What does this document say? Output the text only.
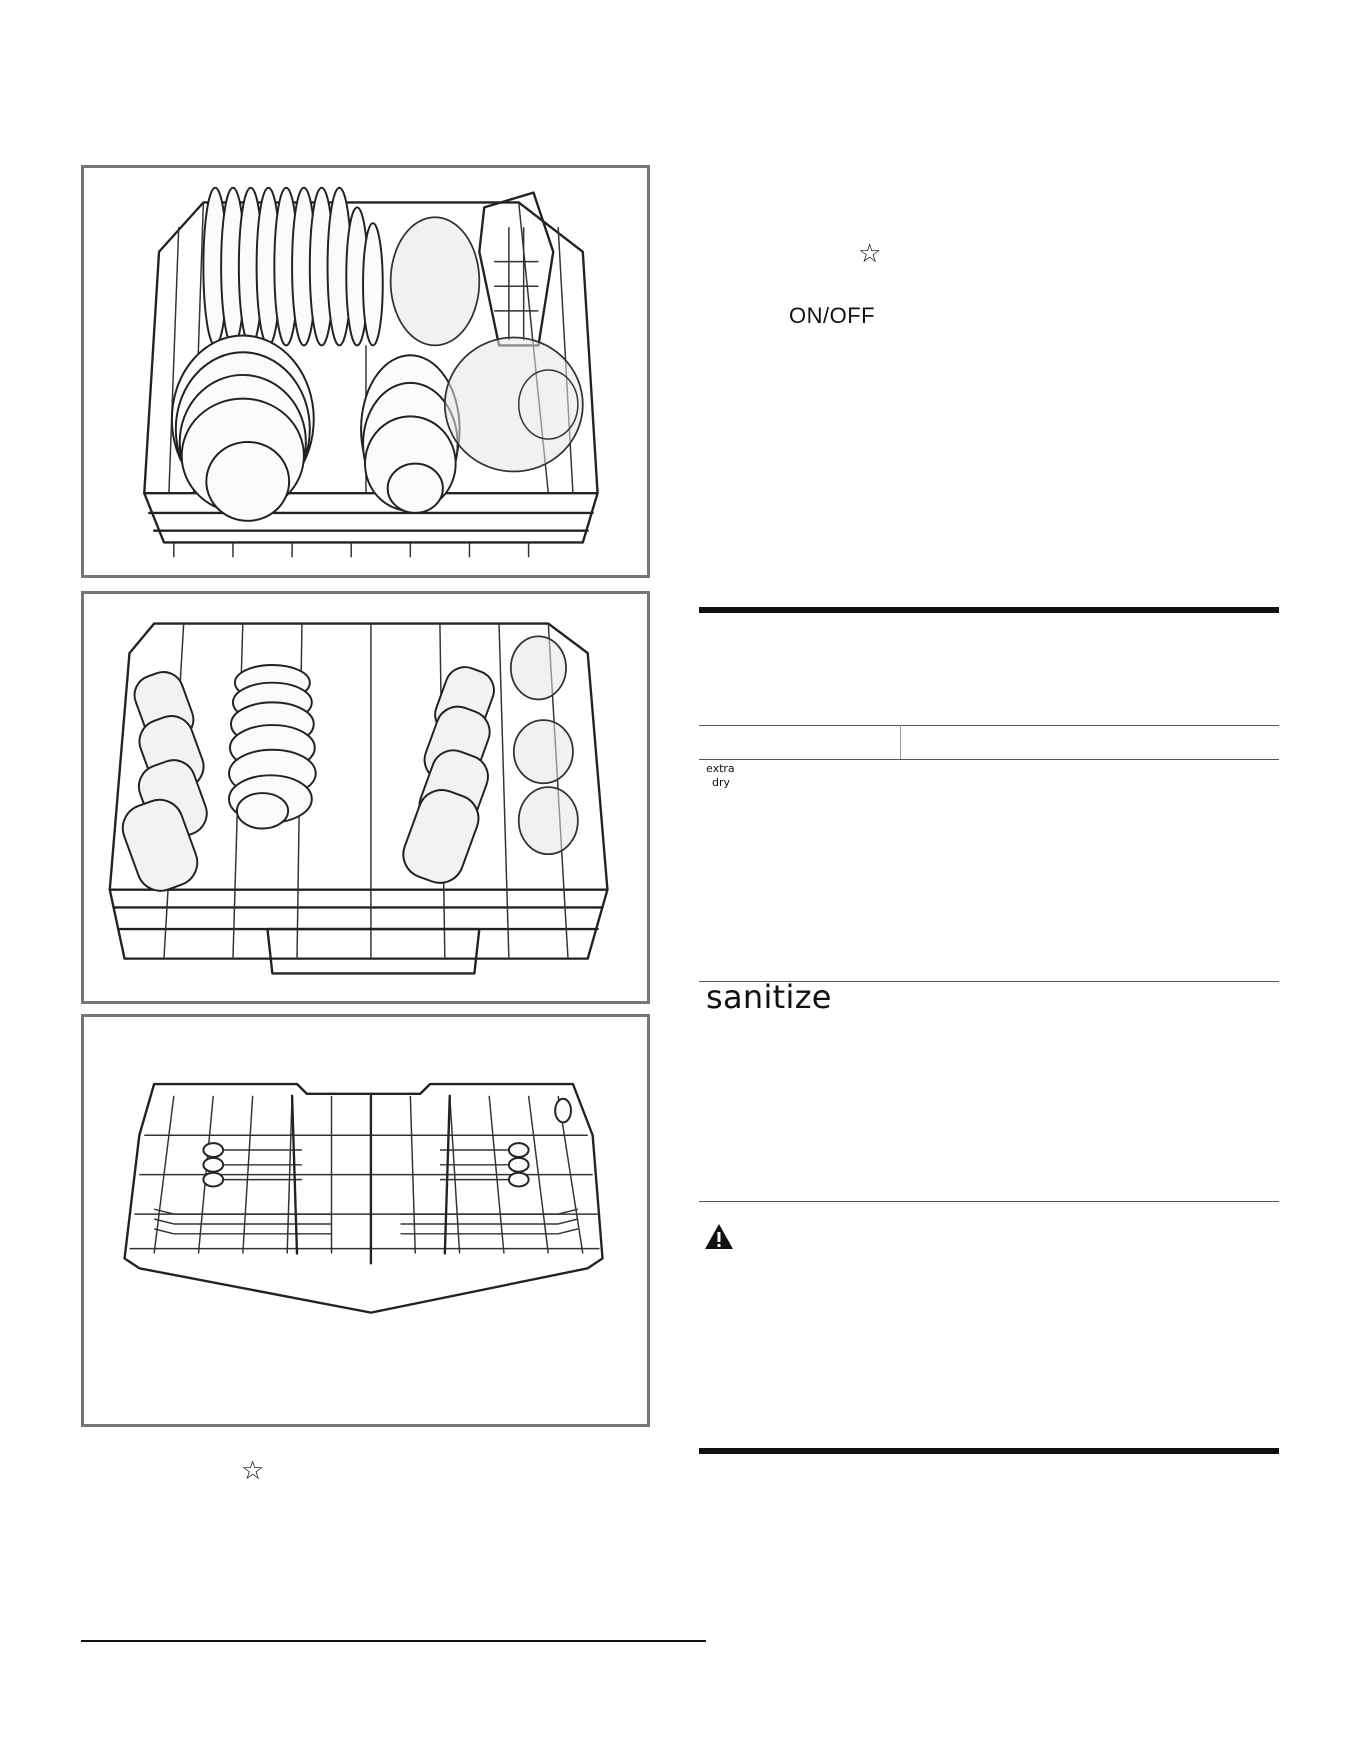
☆
☆
ON/OFF
extra
dry
sanitize
